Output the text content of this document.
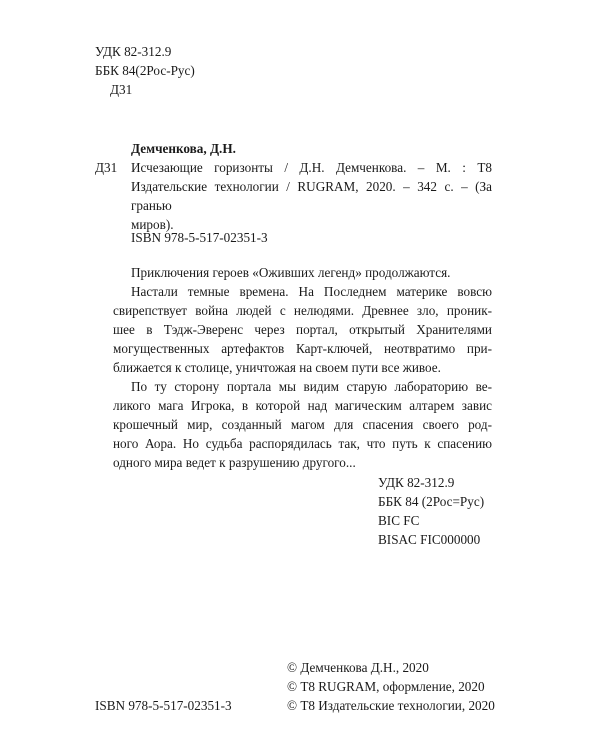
УДК 82-312.9
ББК 84(2Рос-Рус)
Д31
Демченкова, Д.Н.
Д31 Исчезающие горизонты / Д.Н. Демченкова. – М. : Т8
Издательские технологии / RUGRAM, 2020. – 342 с. – (За гранью
миров).
ISBN 978-5-517-02351-3
Приключения героев «Оживших легенд» продолжаются.
Настали темные времена. На Последнем материке вовсю
свирепствует война людей с нелюдями. Древнее зло, проник-
шее в Тэдж-Эверенс через портал, открытый Хранителями
могущественных артефактов Карт-ключей, неотвратимо при-
ближается к столице, уничтожая на своем пути все живое.
По ту сторону портала мы видим старую лабораторию ве-
ликого мага Игрока, в которой над магическим алтарем завис
крошечный мир, созданный магом для спасения своего род-
ного Аора. Но судьба распорядилась так, что путь к спасению
одного мира ведет к разрушению другого...
УДК 82-312.9
ББК 84 (2Рос=Рус)
BIC FC
BISAC FIC000000
© Демченкова Д.Н., 2020
© Т8 RUGRAM, оформление, 2020
ISBN 978-5-517-02351-3	© Т8 Издательские технологии, 2020
